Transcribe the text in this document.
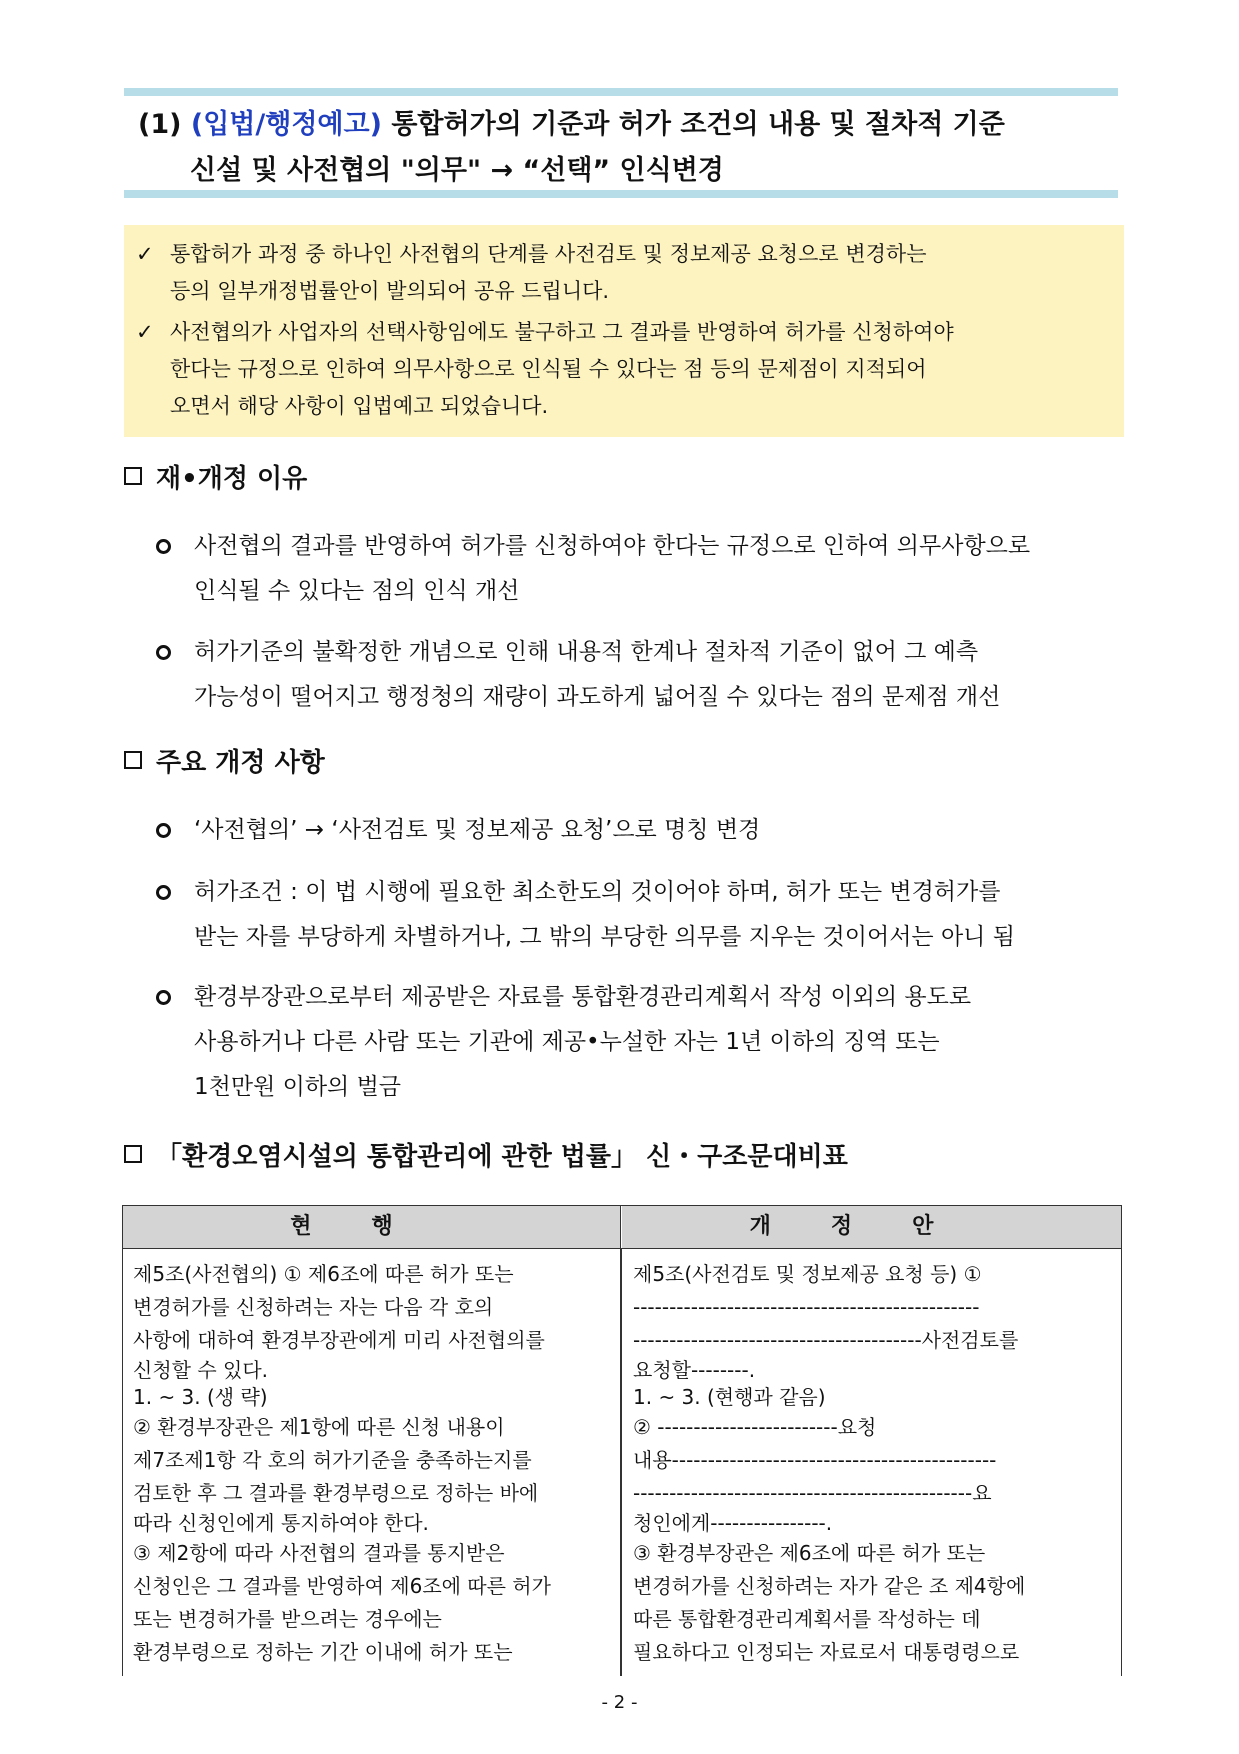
(1) (입법/행정예고) 통합허가의 기준과 허가 조건의 내용 및 절차적 기준
신설 및 사전협의 "의무" → “선택” 인식변경
✓ 통합허가 과정 중 하나인 사전협의 단계를 사전검토 및 정보제공 요청으로 변경하는
등의 일부개정법률안이 발의되어 공유 드립니다.
✓ 사전협의가 사업자의 선택사항임에도 불구하고 그 결과를 반영하여 허가를 신청하여야
한다는 규정으로 인하여 의무사항으로 인식될 수 있다는 점 등의 문제점이 지적되어
오면서 해당 사항이 입법예고 되었습니다.
재•개정 이유
사전협의 결과를 반영하여 허가를 신청하여야 한다는 규정으로 인하여 의무사항으로
인식될 수 있다는 점의 인식 개선
허가기준의 불확정한 개념으로 인해 내용적 한계나 절차적 기준이 없어 그 예측
가능성이 떨어지고 행정청의 재량이 과도하게 넓어질 수 있다는 점의 문제점 개선
주요 개정 사항
‘사전협의’ → ‘사전검토 및 정보제공 요청’으로 명칭 변경
허가조건 : 이 법 시행에 필요한 최소한도의 것이어야 하며, 허가 또는 변경허가를
받는 자를 부당하게 차별하거나, 그 밖의 부당한 의무를 지우는 것이어서는 아니 됨
환경부장관으로부터 제공받은 자료를 통합환경관리계획서 작성 이외의 용도로
사용하거나 다른 사람 또는 기관에 제공•누설한 자는 1년 이하의 징역 또는
1천만원 이하의 벌금
「환경오염시설의 통합관리에 관한 법률」 신・구조문대비표
현행	개정안
제5조(사전협의) ① 제6조에 따른 허가 또는
변경허가를 신청하려는 자는 다음 각 호의
사항에 대하여 환경부장관에게 미리 사전협의를
신청할 수 있다.
1. ~ 3. (생 략)
② 환경부장관은 제1항에 따른 신청 내용이
제7조제1항 각 호의 허가기준을 충족하는지를
검토한 후 그 결과를 환경부령으로 정하는 바에
따라 신청인에게 통지하여야 한다.
③ 제2항에 따라 사전협의 결과를 통지받은
신청인은 그 결과를 반영하여 제6조에 따른 허가
또는 변경허가를 받으려는 경우에는
환경부령으로 정하는 기간 이내에 허가 또는
제5조(사전검토 및 정보제공 요청 등) ①
------------------------------------------------
----------------------------------------사전검토를
요청할--------.
1. ~ 3. (현행과 같음)
② -------------------------요청
내용---------------------------------------------
-----------------------------------------------요
청인에게----------------.
③ 환경부장관은 제6조에 따른 허가 또는
변경허가를 신청하려는 자가 같은 조 제4항에
따른 통합환경관리계획서를 작성하는 데
필요하다고 인정되는 자료로서 대통령령으로
- 2 -
